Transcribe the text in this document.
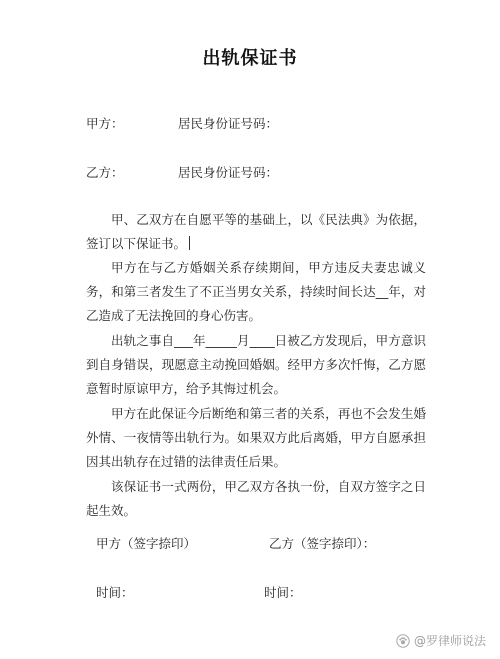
出轨保证书
甲方：	居民身份证号码：
乙方：	居民身份证号码：
甲、乙双方在自愿平等的基础上，以《民法典》为依据，签订以下保证书。
甲方在与乙方婚姻关系存续期间，甲方违反夫妻忠诚义务，和第三者发生了不正当男女关系，持续时间长达__年，对乙造成了无法挽回的身心伤害。
出轨之事自___年_____月____日被乙方发现后，甲方意识到自身错误，现愿意主动挽回婚姻。经甲方多次忏悔，乙方愿意暂时原谅甲方，给予其悔过机会。
甲方在此保证今后断绝和第三者的关系，再也不会发生婚外情、一夜情等出轨行为。如果双方此后离婚，甲方自愿承担因其出轨存在过错的法律责任后果。
该保证书一式两份，甲乙双方各执一份，自双方签字之日起生效。
甲方（签字捺印）	乙方（签字捺印）：
时间：	时间：
@罗律师说法
